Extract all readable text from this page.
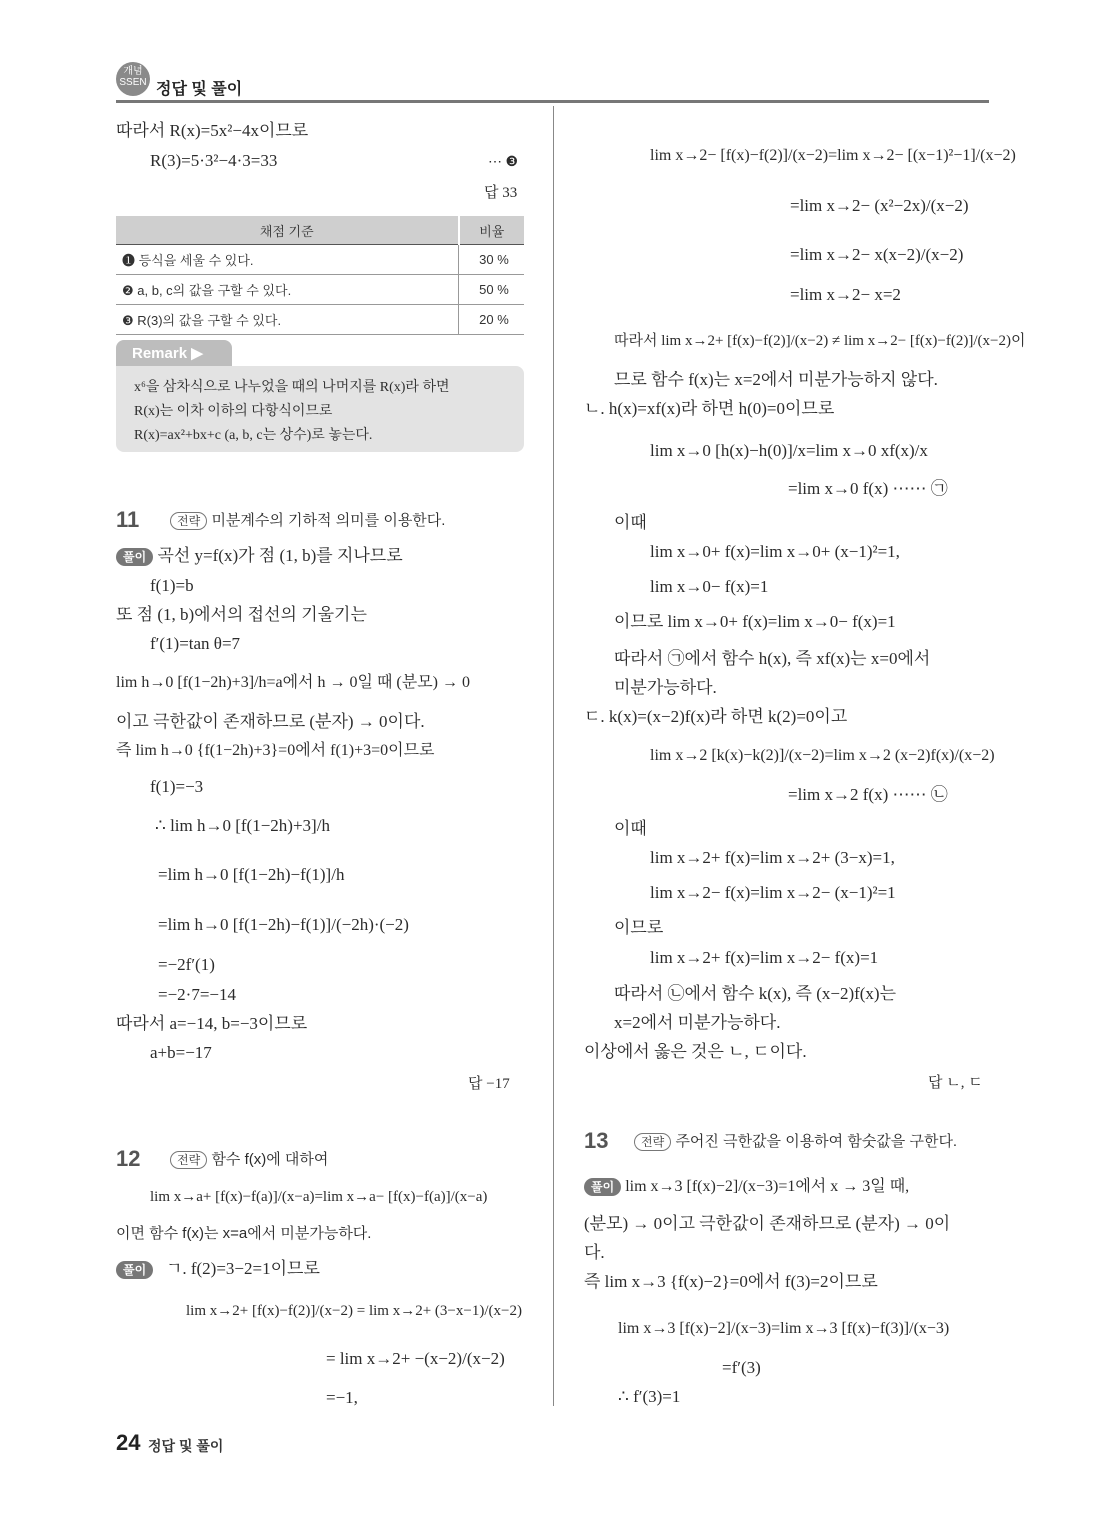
개념
SSEN 정답 및 풀이
따라서 R(x)=5x²−4x이므로
R(3)=5·3²−4·3=33	⋯ ❸
답 33
채점 기준	비율
❶ 등식을 세울 수 있다.	30 %
❷ a, b, c의 값을 구할 수 있다.	50 %
❸ R(3)의 값을 구할 수 있다.	20 %
Remark ▶
x⁶을 삼차식으로 나누었을 때의 나머지를 R(x)라 하면
R(x)는 이차 이하의 다항식이므로
R(x)=ax²+bx+c (a, b, c는 상수)로 놓는다.
11	전략 미분계수의 기하적 의미를 이용한다.
풀이 곡선 y=f(x)가 점 (1, b)를 지나므로
f(1)=b
또 점 (1, b)에서의 접선의 기울기는
f′(1)=tan θ=7
lim h→0 [f(1−2h)+3]/h=a에서 h → 0일 때 (분모) → 0
이고 극한값이 존재하므로 (분자) → 0이다.
즉 lim h→0 {f(1−2h)+3}=0에서 f(1)+3=0이므로
f(1)=−3
∴ lim h→0 [f(1−2h)+3]/h
=lim h→0 [f(1−2h)−f(1)]/h
=lim h→0 [f(1−2h)−f(1)]/(−2h)·(−2)
=−2f′(1)
=−2·7=−14
따라서 a=−14, b=−3이므로
a+b=−17
답 −17
12	전략 함수 f(x)에 대하여
lim x→a+ [f(x)−f(a)]/(x−a)=lim x→a− [f(x)−f(a)]/(x−a)
이면 함수 f(x)는 x=a에서 미분가능하다.
풀이 ㄱ. f(2)=3−2=1이므로
lim x→2+ [f(x)−f(2)]/(x−2) = lim x→2+ (3−x−1)/(x−2)
= lim x→2+ −(x−2)/(x−2)
=−1,
lim x→2− [f(x)−f(2)]/(x−2)=lim x→2− [(x−1)²−1]/(x−2)
=lim x→2− (x²−2x)/(x−2)
=lim x→2− x(x−2)/(x−2)
=lim x→2− x=2
따라서 lim x→2+ [f(x)−f(2)]/(x−2) ≠ lim x→2− [f(x)−f(2)]/(x−2)이
므로 함수 f(x)는 x=2에서 미분가능하지 않다.
ㄴ. h(x)=xf(x)라 하면 h(0)=0이므로
lim x→0 [h(x)−h(0)]/x=lim x→0 xf(x)/x
=lim x→0 f(x) ⋯⋯ ㉠
이때
lim x→0+ f(x)=lim x→0+ (x−1)²=1,
lim x→0− f(x)=1
이므로 lim x→0+ f(x)=lim x→0− f(x)=1
따라서 ㉠에서 함수 h(x), 즉 xf(x)는 x=0에서
미분가능하다.
ㄷ. k(x)=(x−2)f(x)라 하면 k(2)=0이고
lim x→2 [k(x)−k(2)]/(x−2)=lim x→2 (x−2)f(x)/(x−2)
=lim x→2 f(x) ⋯⋯ ㉡
이때
lim x→2+ f(x)=lim x→2+ (3−x)=1,
lim x→2− f(x)=lim x→2− (x−1)²=1
이므로
lim x→2+ f(x)=lim x→2− f(x)=1
따라서 ㉡에서 함수 k(x), 즉 (x−2)f(x)는
x=2에서 미분가능하다.
이상에서 옳은 것은 ㄴ, ㄷ이다.
답 ㄴ, ㄷ
13	전략 주어진 극한값을 이용하여 함숫값을 구한다.
풀이 lim x→3 [f(x)−2]/(x−3)=1에서 x → 3일 때,
(분모) → 0이고 극한값이 존재하므로 (분자) → 0이
다.
즉 lim x→3 {f(x)−2}=0에서 f(3)=2이므로
lim x→3 [f(x)−2]/(x−3)=lim x→3 [f(x)−f(3)]/(x−3)
=f′(3)
∴ f′(3)=1
24 정답 및 풀이
